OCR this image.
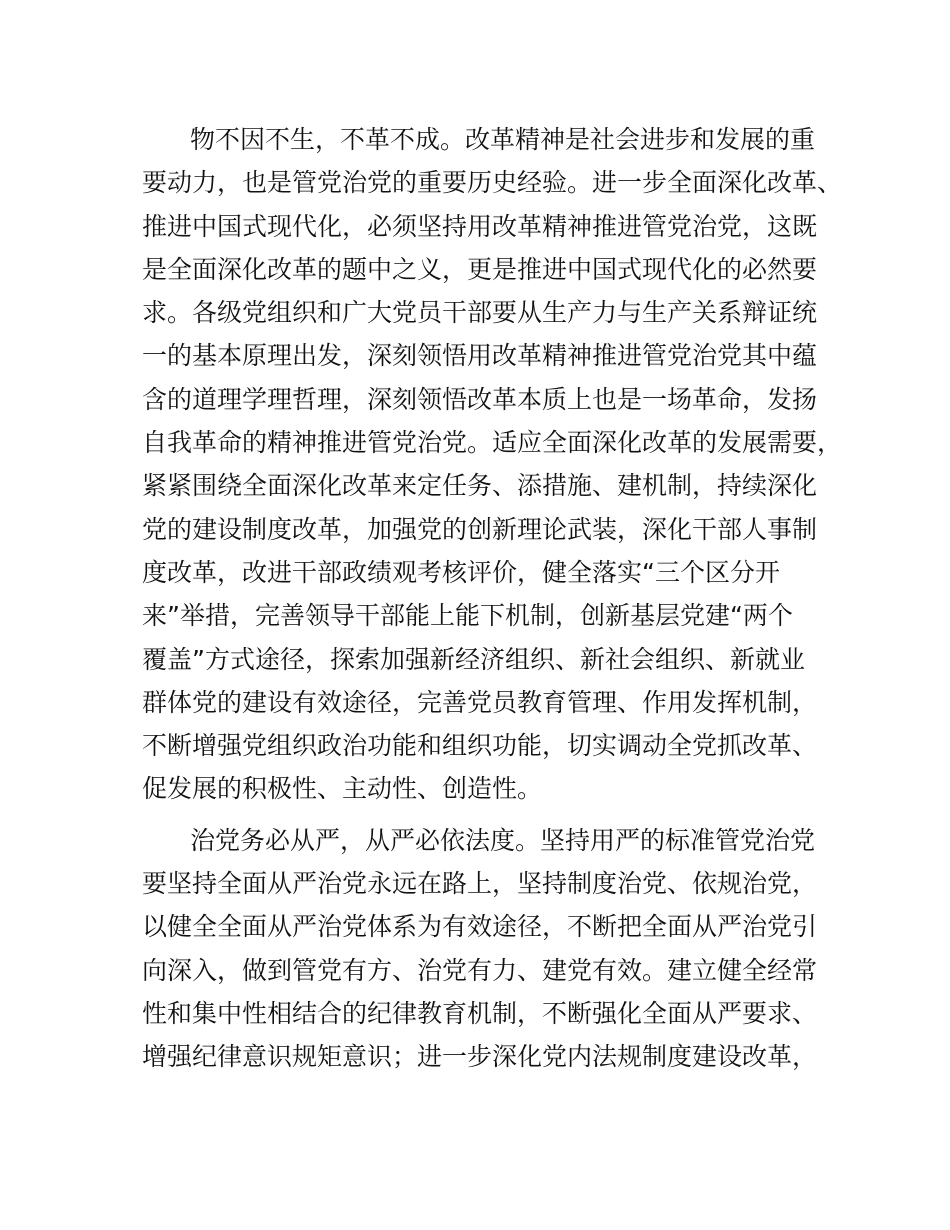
物不因不生，不革不成。改革精神是社会进步和发展的重
要动力，也是管党治党的重要历史经验。进一步全面深化改革、
推进中国式现代化，必须坚持用改革精神推进管党治党，这既
是全面深化改革的题中之义，更是推进中国式现代化的必然要
求。各级党组织和广大党员干部要从生产力与生产关系辩证统
一的基本原理出发，深刻领悟用改革精神推进管党治党其中蕴
含的道理学理哲理，深刻领悟改革本质上也是一场革命，发扬
自我革命的精神推进管党治党。适应全面深化改革的发展需要，
紧紧围绕全面深化改革来定任务、添措施、建机制，持续深化
党的建设制度改革，加强党的创新理论武装，深化干部人事制
度改革，改进干部政绩观考核评价，健全落实“三个区分开
来”举措，完善领导干部能上能下机制，创新基层党建“两个
覆盖”方式途径，探索加强新经济组织、新社会组织、新就业
群体党的建设有效途径，完善党员教育管理、作用发挥机制，
不断增强党组织政治功能和组织功能，切实调动全党抓改革、
促发展的积极性、主动性、创造性。
治党务必从严，从严必依法度。坚持用严的标准管党治党
要坚持全面从严治党永远在路上，坚持制度治党、依规治党，
以健全全面从严治党体系为有效途径，不断把全面从严治党引
向深入，做到管党有方、治党有力、建党有效。建立健全经常
性和集中性相结合的纪律教育机制，不断强化全面从严要求、
增强纪律意识规矩意识；进一步深化党内法规制度建设改革，
